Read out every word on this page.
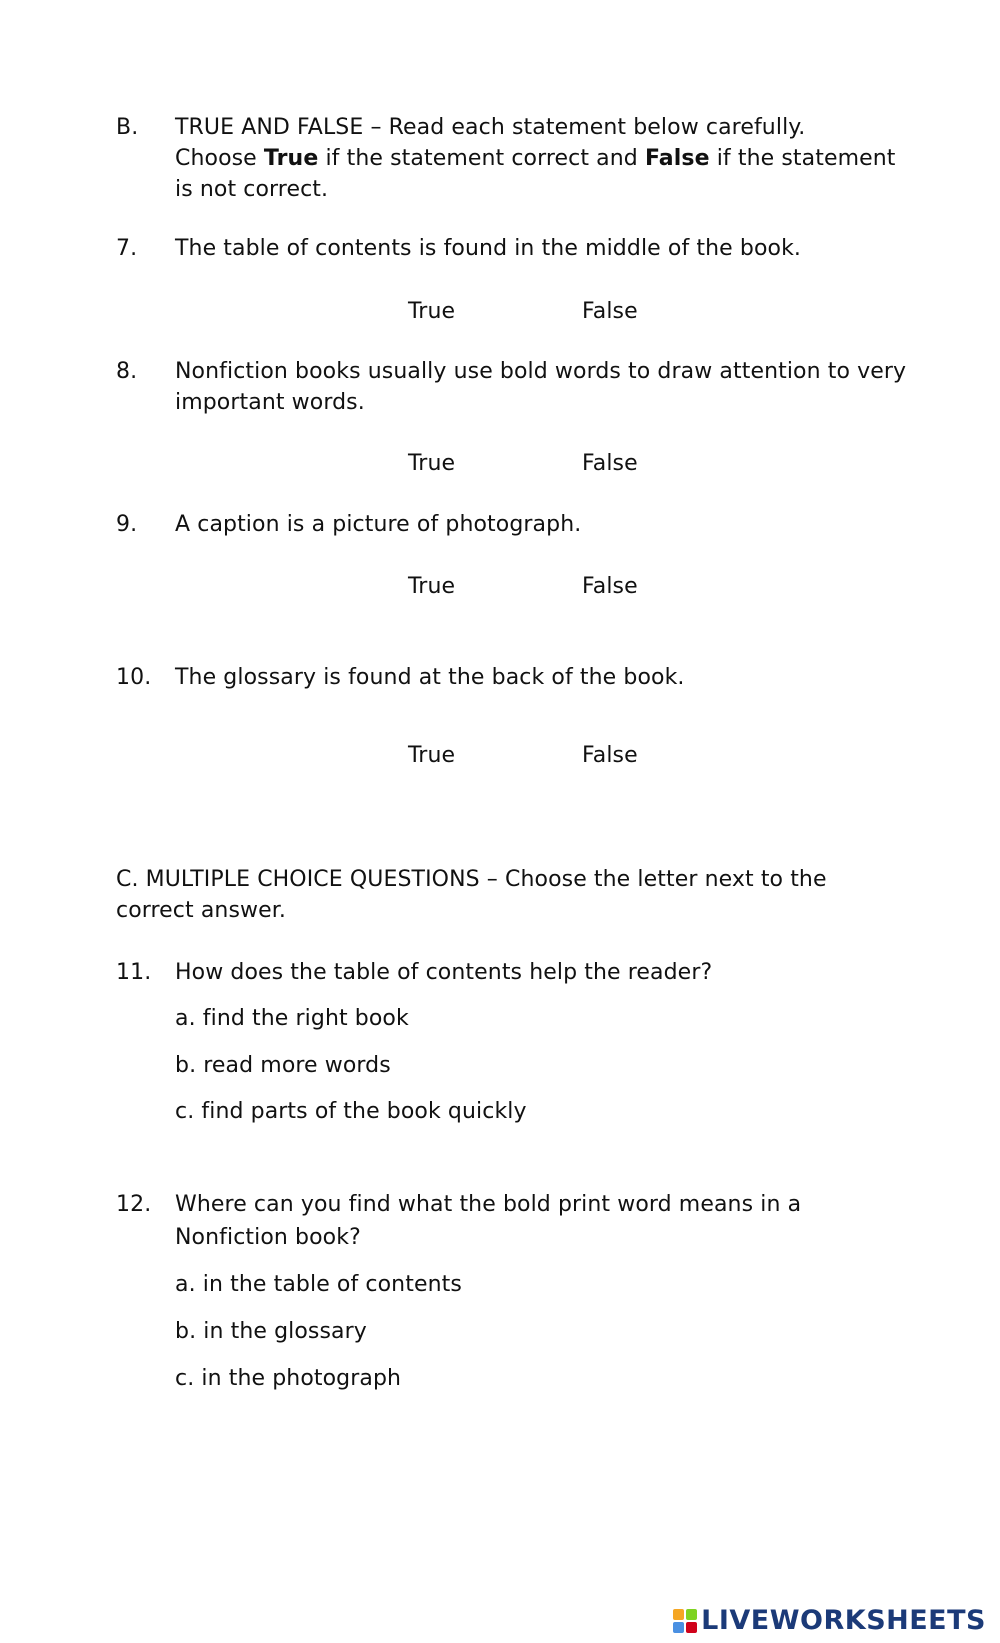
B. TRUE AND FALSE – Read each statement below carefully.
Choose True if the statement correct and False if the statement
is not correct.
7. The table of contents is found in the middle of the book.
True	False
8. Nonfiction books usually use bold words to draw attention to very
important words.
True	False
9. A caption is a picture of photograph.
True	False
10. The glossary is found at the back of the book.
True	False
C. MULTIPLE CHOICE QUESTIONS – Choose the letter next to the
correct answer.
11. How does the table of contents help the reader?
a. find the right book
b. read more words
c. find parts of the book quickly
12. Where can you find what the bold print word means in a
Nonfiction book?
a. in the table of contents
b. in the glossary
c. in the photograph
LIVEWORKSHEETS
